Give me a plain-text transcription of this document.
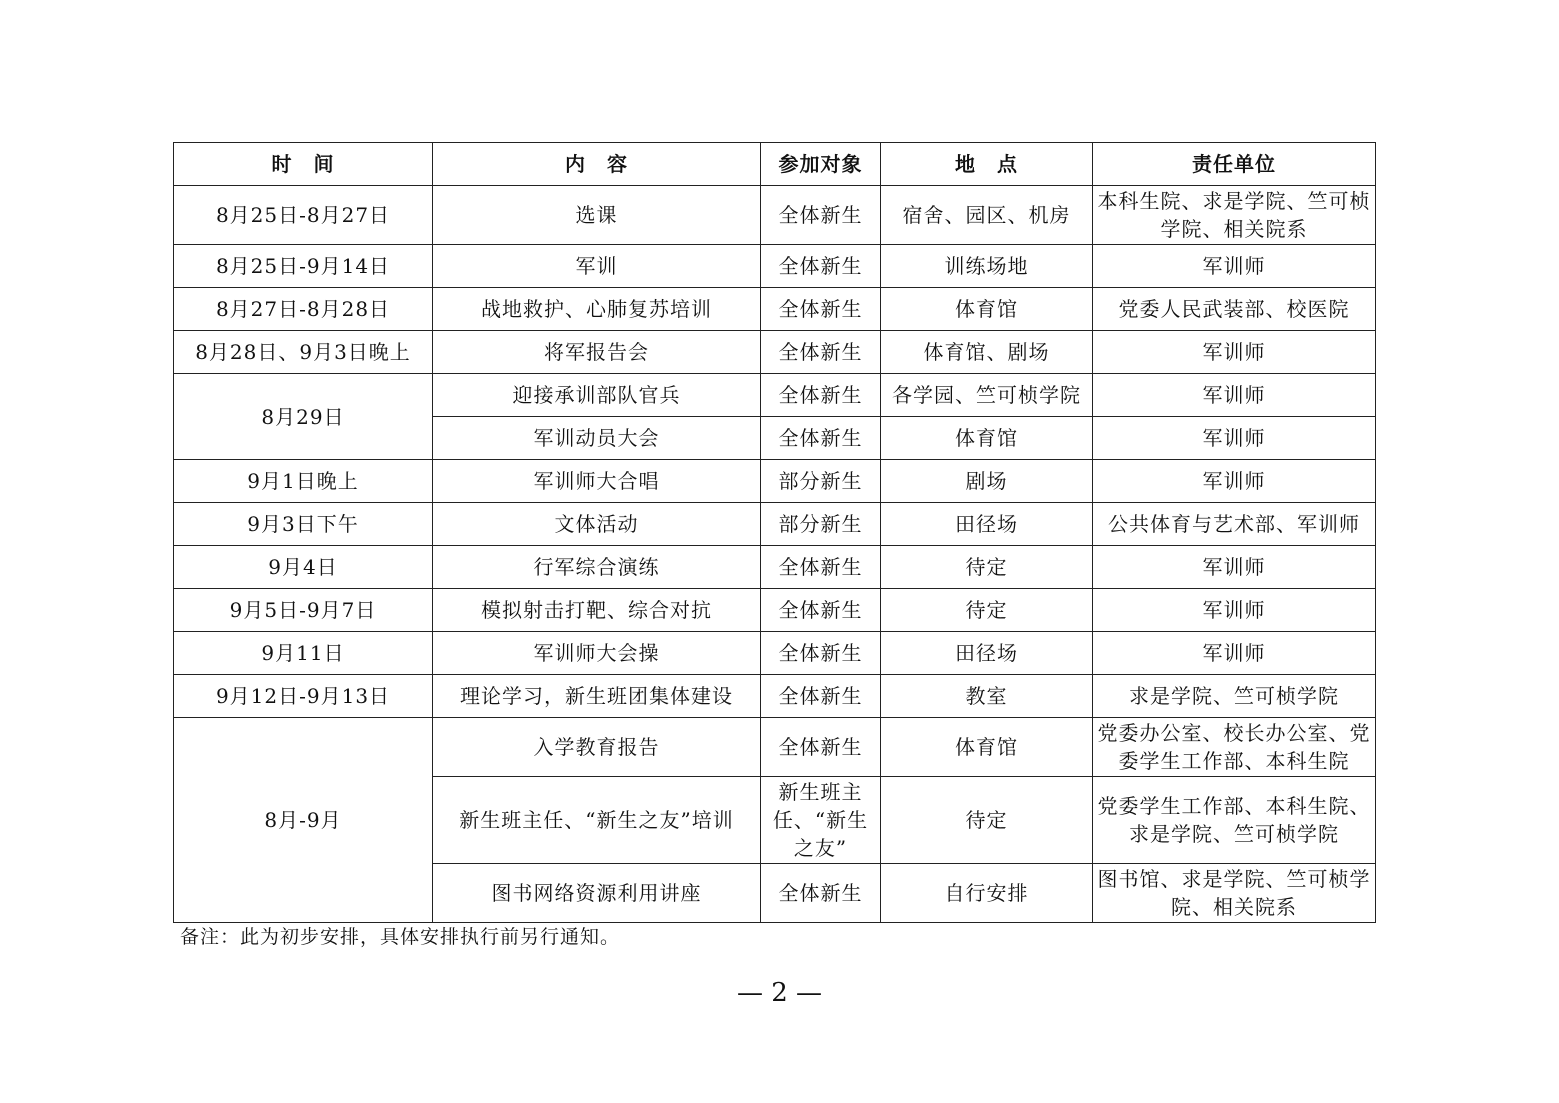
时　间	内　容	参加对象	地　点	责任单位
8月25日-8月27日	选课	全体新生	宿舍、园区、机房	本科生院、求是学院、竺可桢学院、相关院系
8月25日-9月14日	军训	全体新生	训练场地	军训师
8月27日-8月28日	战地救护、心肺复苏培训	全体新生	体育馆	党委人民武装部、校医院
8月28日、9月3日晚上	将军报告会	全体新生	体育馆、剧场	军训师
8月29日	迎接承训部队官兵	全体新生	各学园、竺可桢学院	军训师
	军训动员大会	全体新生	体育馆	军训师
9月1日晚上	军训师大合唱	部分新生	剧场	军训师
9月3日下午	文体活动	部分新生	田径场	公共体育与艺术部、军训师
9月4日	行军综合演练	全体新生	待定	军训师
9月5日-9月7日	模拟射击打靶、综合对抗	全体新生	待定	军训师
9月11日	军训师大会操	全体新生	田径场	军训师
9月12日-9月13日	理论学习，新生班团集体建设	全体新生	教室	求是学院、竺可桢学院
8月-9月	入学教育报告	全体新生	体育馆	党委办公室、校长办公室、党委学生工作部、本科生院
	新生班主任、“新生之友”培训	新生班主任、“新生之友”	待定	党委学生工作部、本科生院、求是学院、竺可桢学院
	图书网络资源利用讲座	全体新生	自行安排	图书馆、求是学院、竺可桢学院、相关院系
备注：此为初步安排，具体安排执行前另行通知。
— 2 —
